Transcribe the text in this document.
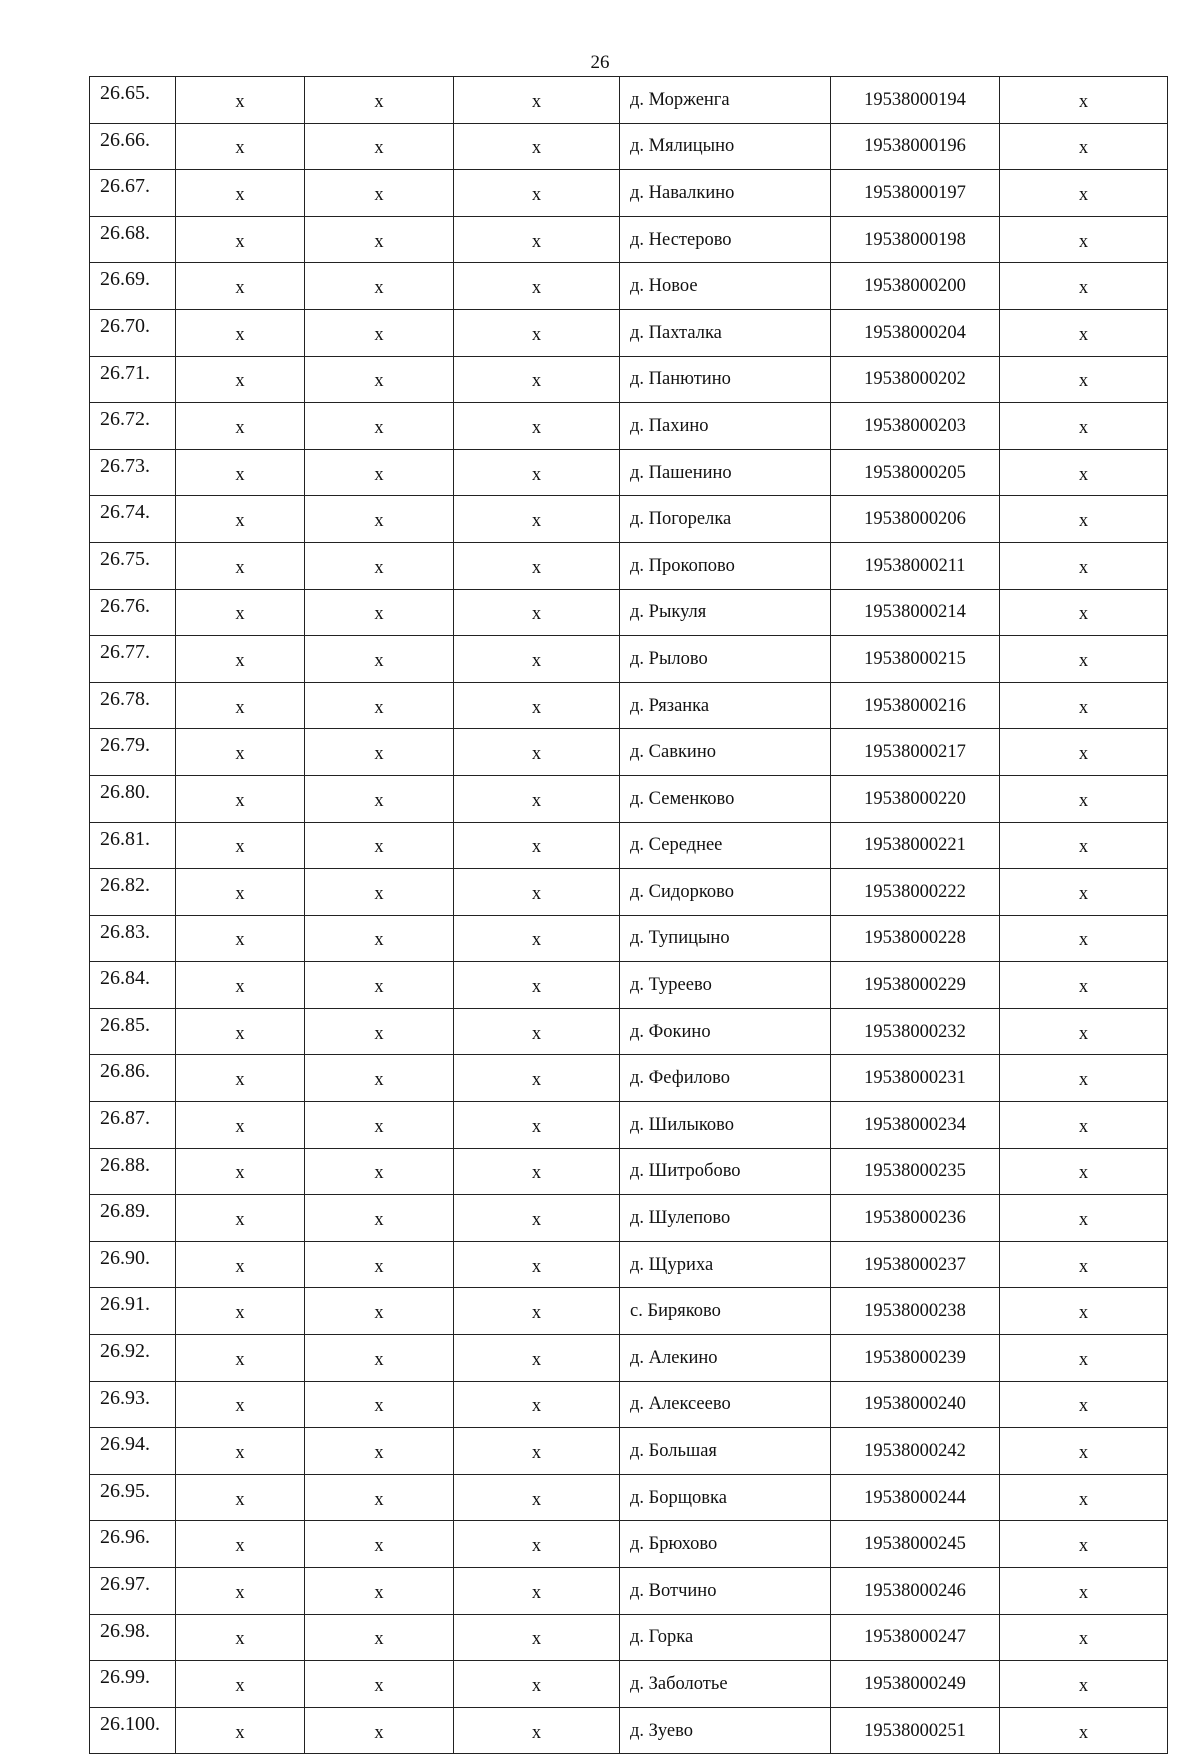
26
26.65.	x	x	x	д. Морженга	19538000194	x
26.66.	x	x	x	д. Мялицыно	19538000196	x
26.67.	x	x	x	д. Навалкино	19538000197	x
26.68.	x	x	x	д. Нестерово	19538000198	x
26.69.	x	x	x	д. Новое	19538000200	x
26.70.	x	x	x	д. Пахталка	19538000204	x
26.71.	x	x	x	д. Панютино	19538000202	x
26.72.	x	x	x	д. Пахино	19538000203	x
26.73.	x	x	x	д. Пашенино	19538000205	x
26.74.	x	x	x	д. Погорелка	19538000206	x
26.75.	x	x	x	д. Прокопово	19538000211	x
26.76.	x	x	x	д. Рыкуля	19538000214	x
26.77.	x	x	x	д. Рылово	19538000215	x
26.78.	x	x	x	д. Рязанка	19538000216	x
26.79.	x	x	x	д. Савкино	19538000217	x
26.80.	x	x	x	д. Семенково	19538000220	x
26.81.	x	x	x	д. Середнее	19538000221	x
26.82.	x	x	x	д. Сидорково	19538000222	x
26.83.	x	x	x	д. Тупицыно	19538000228	x
26.84.	x	x	x	д. Туреево	19538000229	x
26.85.	x	x	x	д. Фокино	19538000232	x
26.86.	x	x	x	д. Фефилово	19538000231	x
26.87.	x	x	x	д. Шилыково	19538000234	x
26.88.	x	x	x	д. Шитробово	19538000235	x
26.89.	x	x	x	д. Шулепово	19538000236	x
26.90.	x	x	x	д. Щуриха	19538000237	x
26.91.	x	x	x	с. Биряково	19538000238	x
26.92.	x	x	x	д. Алекино	19538000239	x
26.93.	x	x	x	д. Алексеево	19538000240	x
26.94.	x	x	x	д. Большая	19538000242	x
26.95.	x	x	x	д. Борщовка	19538000244	x
26.96.	x	x	x	д. Брюхово	19538000245	x
26.97.	x	x	x	д. Вотчино	19538000246	x
26.98.	x	x	x	д. Горка	19538000247	x
26.99.	x	x	x	д. Заболотье	19538000249	x
26.100.	x	x	x	д. Зуево	19538000251	x
